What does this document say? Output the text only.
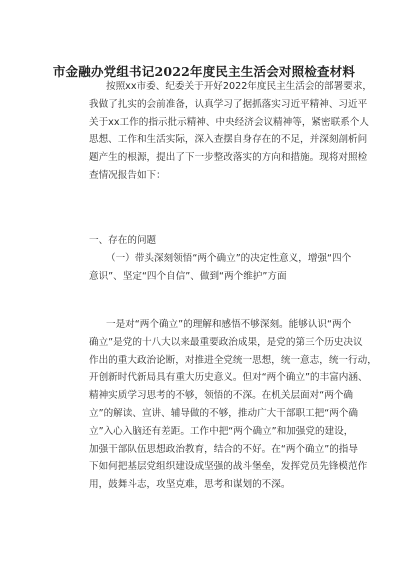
市金融办党组书记2022年度民主生活会对照检查材料
按照xx市委、纪委关于开好2022年度民主生活会的部署要求，
我做了扎实的会前准备，认真学习了据抓落实习近平精神、习近平
关于xx工作的指示批示精神、中央经济会议精神等，紧密联系个人
思想、工作和生活实际，深入查摆自身存在的不足，并深刻剖析问
题产生的根源，提出了下一步整改落实的方向和措施。现将对照检
查情况报告如下：
一、存在的问题
（一）带头深刻领悟“两个确立”的决定性意义，增强“四个
意识”、坚定“四个自信”、做到“两个维护”方面
一是对“两个确立”的理解和感悟不够深刻。能够认识“两个
确立”是党的十八大以来最重要政治成果，是党的第三个历史决议
作出的重大政治论断，对推进全党统一思想，统一意志，统一行动，
开创新时代新局具有重大历史意义。但对“两个确立”的丰富内涵、
精神实质学习思考的不够，领悟的不深。在机关层面对“两个确
立”的解读、宣讲、辅导做的不够，推动广大干部职工把“两个确
立”入心入脑还有差距。工作中把“两个确立”和加强党的建设，
加强干部队伍思想政治教育，结合的不好。在“两个确立”的指导
下如何把基层党组织建设成坚强的战斗堡垒，发挥党员先锋模范作
用，鼓舞斗志，攻坚克难，思考和谋划的不深。
